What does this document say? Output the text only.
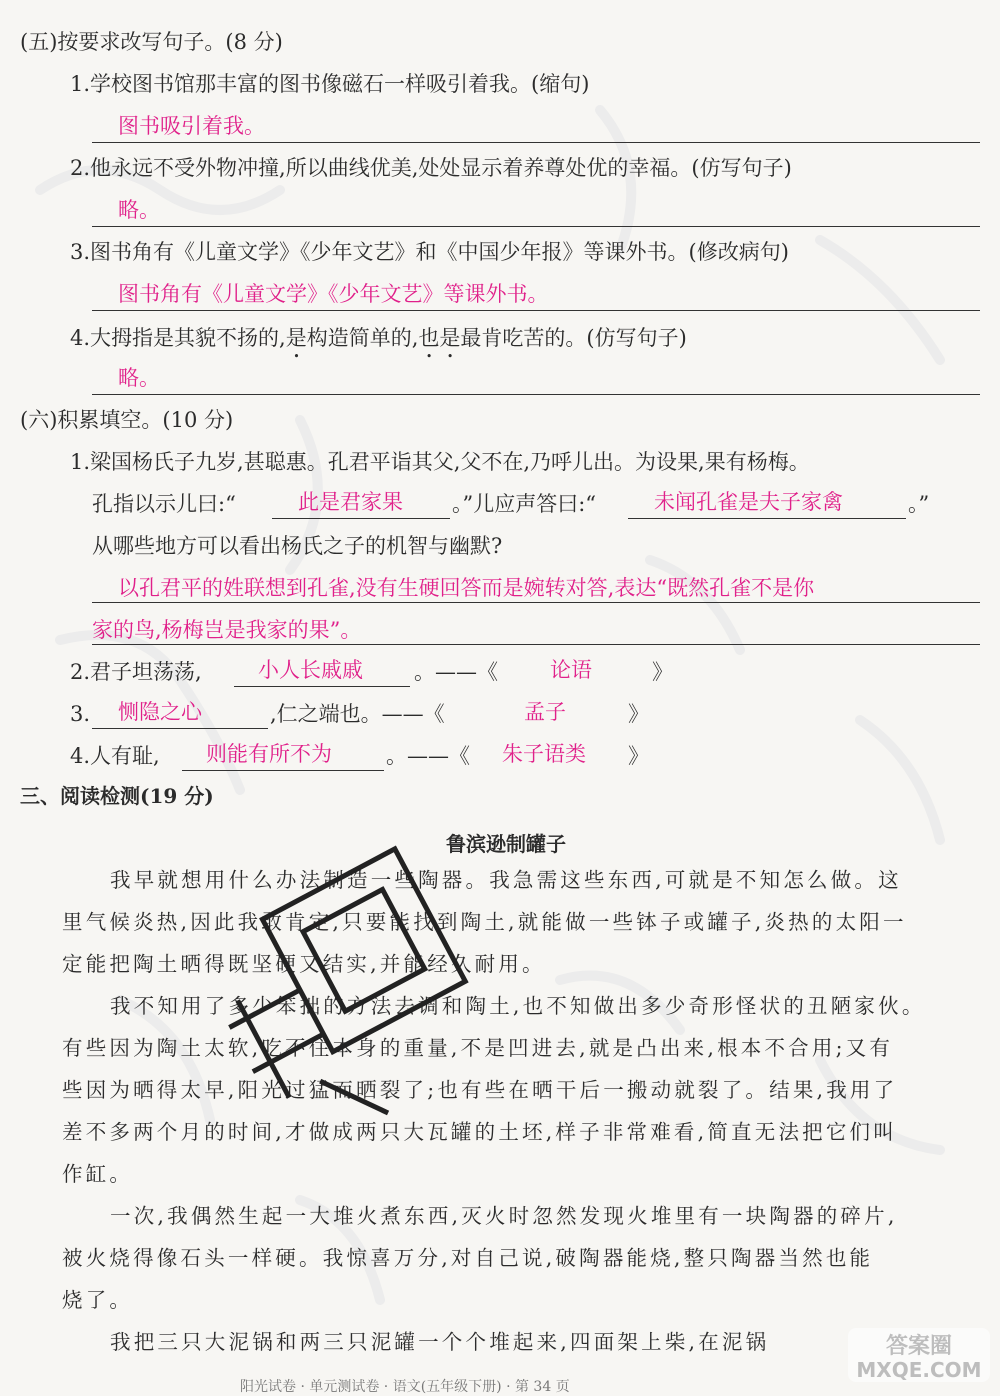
(五)按要求改写句子。(8 分)
1.学校图书馆那丰富的图书像磁石一样吸引着我。(缩句)
图书吸引着我。
2.他永远不受外物冲撞,所以曲线优美,处处显示着养尊处优的幸福。(仿写句子)
略。
3.图书角有《儿童文学》《少年文艺》和《中国少年报》等课外书。(修改病句)
图书角有《儿童文学》《少年文艺》等课外书。
4.大拇指是其貌不扬的,是构造简单的,也是最肯吃苦的。(仿写句子)
略。
(六)积累填空。(10 分)
1.梁国杨氏子九岁,甚聪惠。孔君平诣其父,父不在,乃呼儿出。为设果,果有杨梅。
孔指以示儿曰:“	此是君家果 。”儿应声答曰:“	未闻孔雀是夫子家禽	。”
从哪些地方可以看出杨氏之子的机智与幽默?
以孔君平的姓联想到孔雀,没有生硬回答而是婉转对答,表达“既然孔雀不是你
家的鸟,杨梅岂是我家的果”。
2.君子坦荡荡,	小人长戚戚 。——《 论语	》
3. 恻隐之心	,仁之端也。——《	孟子	》
4.人有耻, 则能有所不为	。——《 朱子语类 》
三、阅读检测(19 分)
鲁滨逊制罐子
我早就想用什么办法制造一些陶器。我急需这些东西,可就是不知怎么做。这
里气候炎热,因此我敢肯定,只要能找到陶土,就能做一些钵子或罐子,炎热的太阳一
定能把陶土晒得既坚硬又结实,并能经久耐用。
我不知用了多少笨拙的方法去调和陶土,也不知做出多少奇形怪状的丑陋家伙。
有些因为陶土太软,吃不住本身的重量,不是凹进去,就是凸出来,根本不合用;又有
些因为晒得太早,阳光过猛而晒裂了;也有些在晒干后一搬动就裂了。结果,我用了
差不多两个月的时间,才做成两只大瓦罐的土坯,样子非常难看,简直无法把它们叫
作缸。
一次,我偶然生起一大堆火煮东西,灭火时忽然发现火堆里有一块陶器的碎片,
被火烧得像石头一样硬。我惊喜万分,对自己说,破陶器能烧,整只陶器当然也能
烧了。
我把三只大泥锅和两三只泥罐一个个堆起来,四面架上柴,在泥锅
阳光试卷 · 单元测试卷 · 语文(五年级下册) · 第 34 页
答案圈
MXQE.COM
